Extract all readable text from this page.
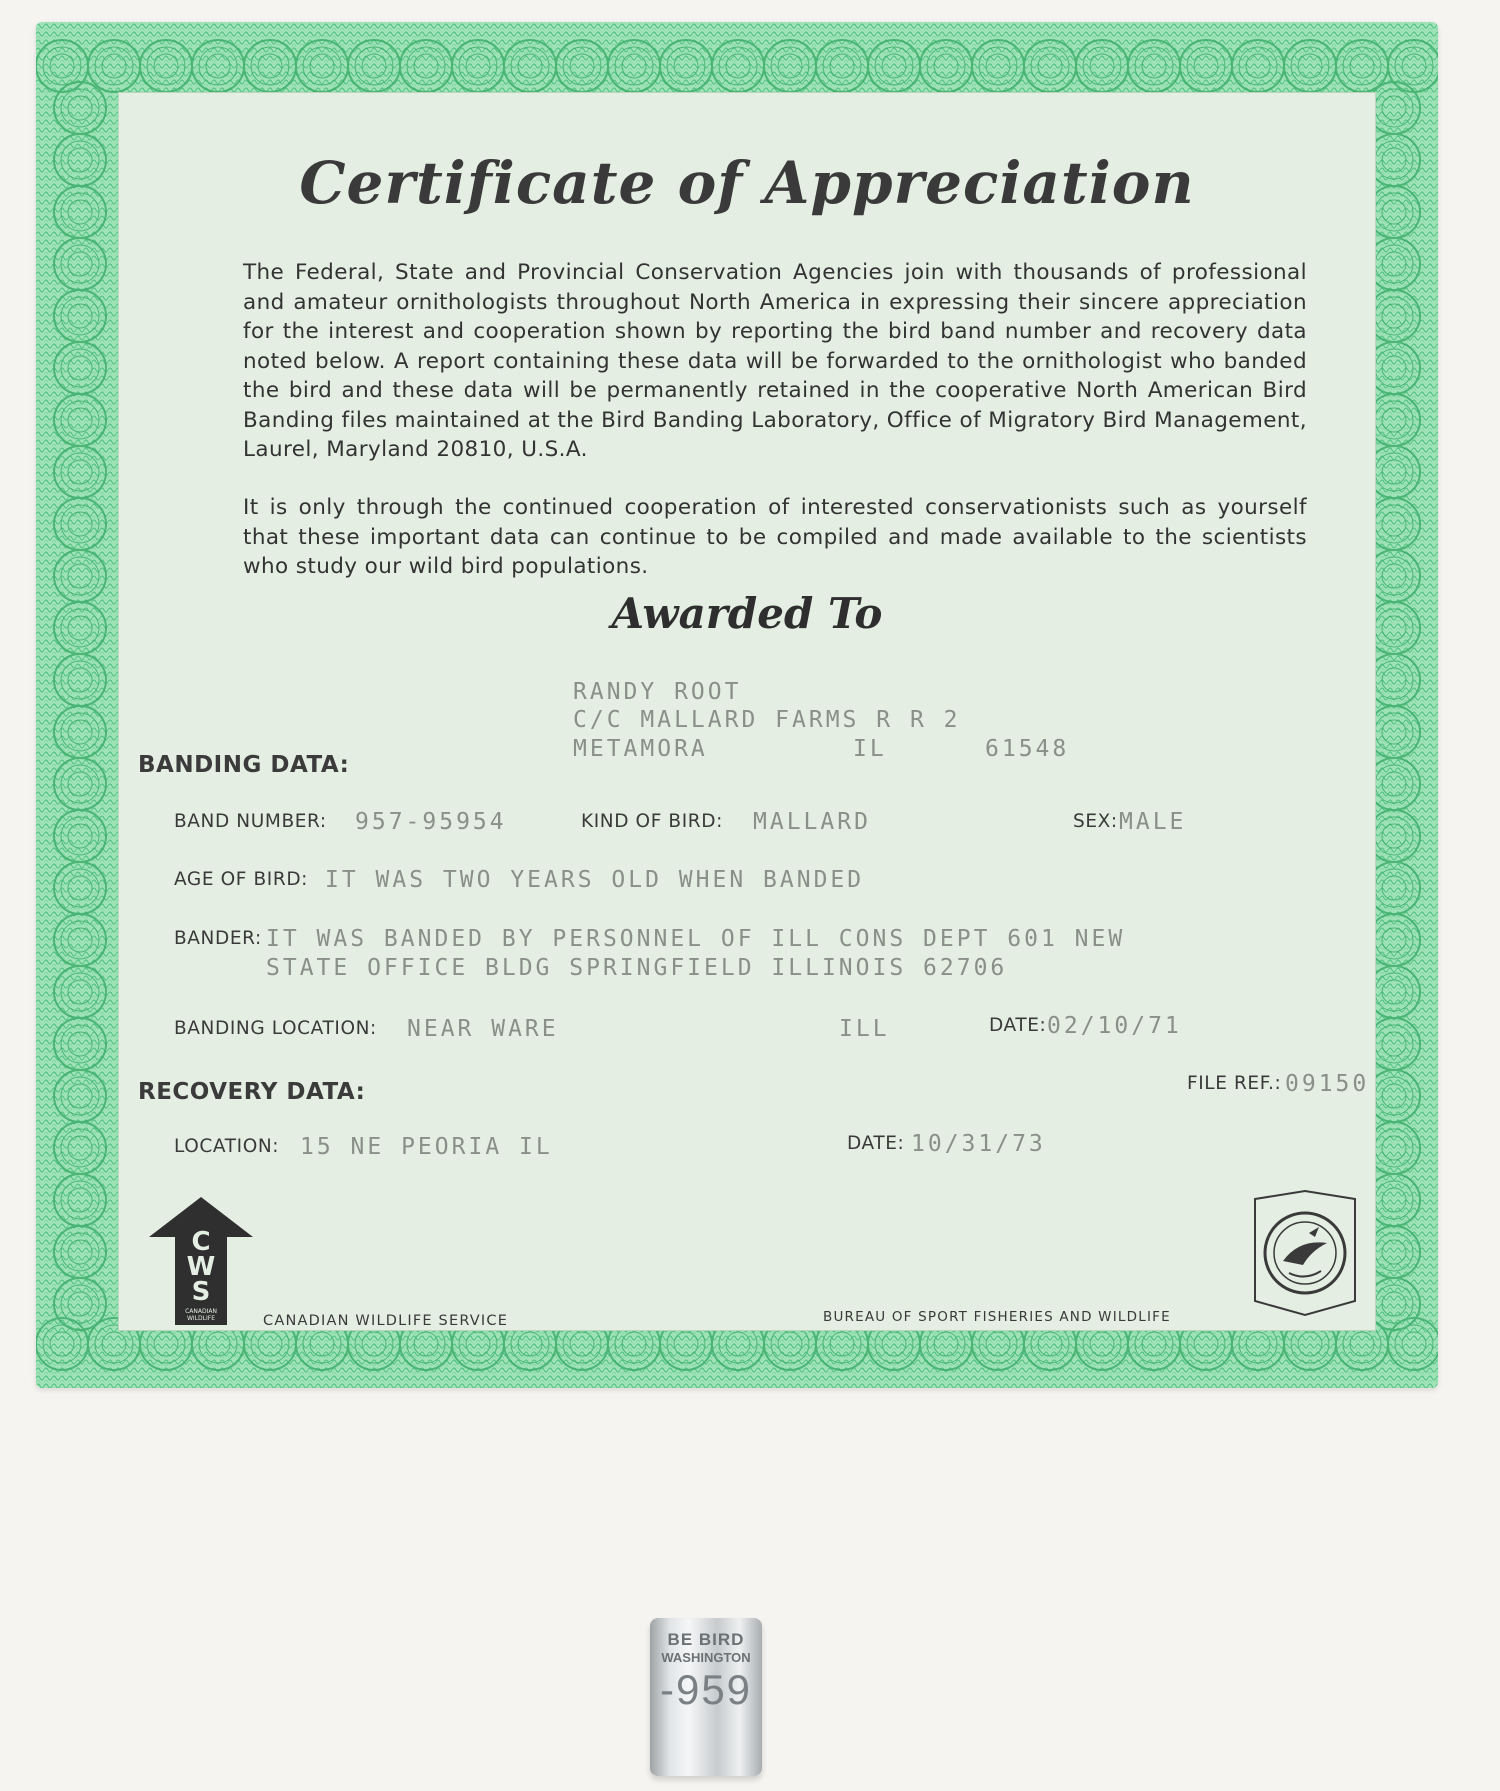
Certificate of Appreciation
The Federal, State and Provincial Conservation Agencies join with thousands of professional and amateur ornithologists throughout North America in expressing their sincere appreciation for the interest and cooperation shown by reporting the bird band number and recovery data noted below. A report containing these data will be forwarded to the ornithologist who banded the bird and these data will be permanently retained in the cooperative North American Bird Banding files maintained at the Bird Banding Laboratory, Office of Migratory Bird Management, Laurel, Maryland 20810, U.S.A.
It is only through the continued cooperation of interested conservationists such as yourself that these important data can continue to be compiled and made available to the scientists who study our wild bird populations.
Awarded To
RANDY ROOT
C/C MALLARD FARMS R R 2
METAMORA	IL	61548
BANDING DATA:
BAND NUMBER: 957-95954	KIND OF BIRD: MALLARD	SEX: MALE
AGE OF BIRD: IT WAS TWO YEARS OLD WHEN BANDED
BANDER: IT WAS BANDED BY PERSONNEL OF ILL CONS DEPT 601 NEW
STATE OFFICE BLDG SPRINGFIELD ILLINOIS 62706
BANDING LOCATION: NEAR WARE	ILL	DATE: 02/10/71
RECOVERY DATA:	FILE REF.: 09150
LOCATION: 15 NE PEORIA IL	DATE: 10/31/73
C
W
S
CANADIAN
WILDLIFE	CANADIAN WILDLIFE SERVICE	BUREAU OF SPORT FISHERIES AND WILDLIFE
BE BIRD
WASHINGTON
-959
